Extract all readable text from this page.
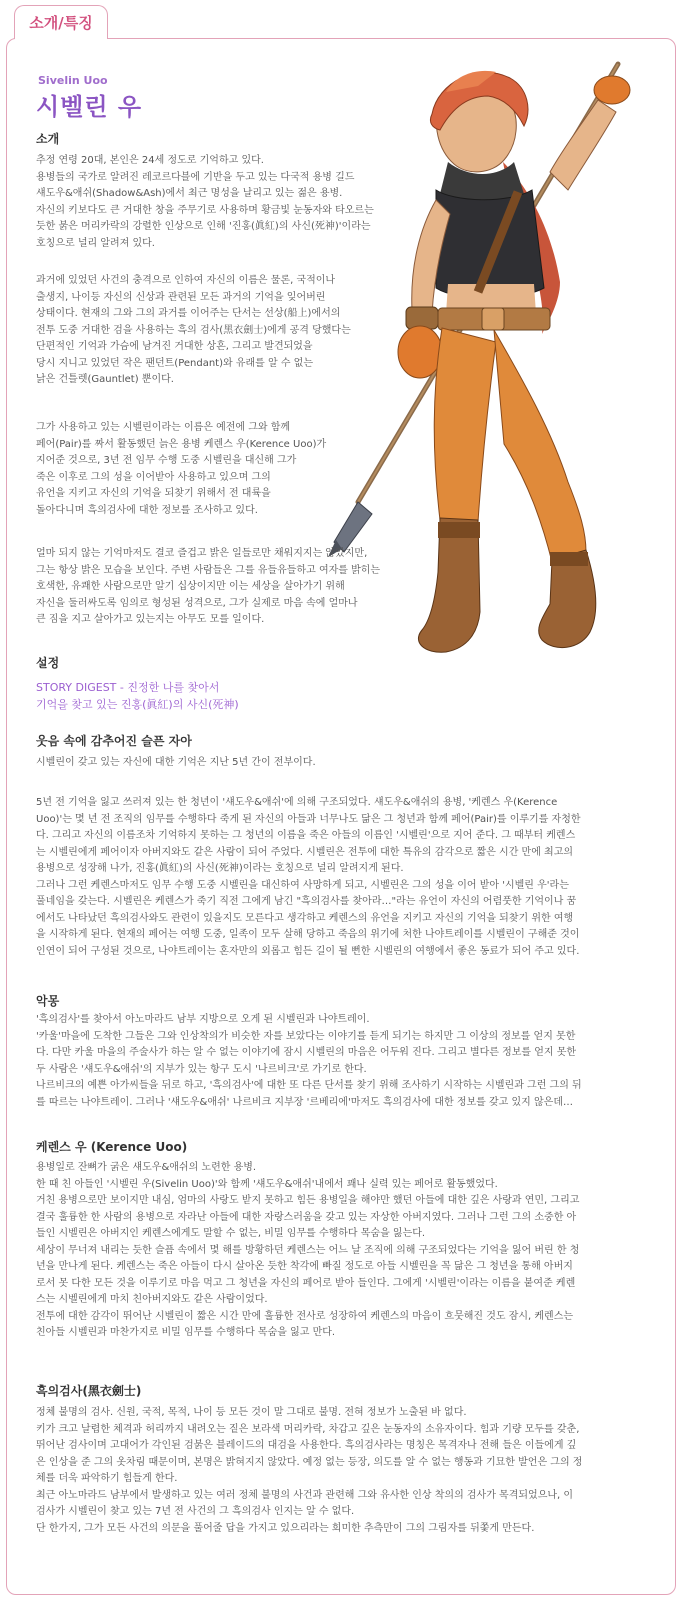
소개/특징
Sivelin Uoo
시벨린 우
소개

추정 연령 20대, 본인은 24세 정도로 기억하고 있다.
용병들의 국가로 알려진 레코르다블에 기반을 두고 있는 다국적 용병 길드
섀도우&애쉬(Shadow&Ash)에서 최근 명성을 날리고 있는 젊은 용병.
자신의 키보다도 큰 거대한 창을 주무기로 사용하며 황금빛 눈동자와 타오르는
듯한 붉은 머리카락의 강렬한 인상으로 인해 '진홍(眞紅)의 사신(死神)'이라는
호칭으로 널리 알려져 있다.

과거에 있었던 사건의 충격으로 인하여 자신의 이름은 물론, 국적이나
출생지, 나이등 자신의 신상과 관련된 모든 과거의 기억을 잊어버린
상태이다. 현재의 그와 그의 과거를 이어주는 단서는 선상(船上)에서의
전투 도중 거대한 검을 사용하는 흑의 검사(黑衣劍士)에게 공격 당했다는
단편적인 기억과 가슴에 남겨진 거대한 상흔, 그리고 발견되었을
당시 지니고 있었던 작은 팬던트(Pendant)와 유래를 알 수 없는
낡은 건틀렛(Gauntlet) 뿐이다.

그가 사용하고 있는 시벨린이라는 이름은 예전에 그와 함께
페어(Pair)를 짜서 활동했던 늙은 용병 케렌스 우(Kerence Uoo)가
지어준 것으로, 3년 전 임무 수행 도중 시벨린을 대신해 그가
죽은 이후로 그의 성을 이어받아 사용하고 있으며 그의
유언을 지키고 자신의 기억을 되찾기 위해서 전 대륙을
돌아다니며 흑의검사에 대한 정보를 조사하고 있다.

얼마 되지 않는 기억마저도 결코 즐겁고 밝은 일들로만 채워지지는 않았지만,
그는 항상 밝은 모습을 보인다. 주변 사람들은 그를 유들유들하고 여자를 밝히는
호색한, 유쾌한 사람으로만 알기 십상이지만 이는 세상을 살아가기 위해
자신을 둘러싸도록 임의로 형성된 성격으로, 그가 실제로 마음 속에 얼마나
큰 짐을 지고 살아가고 있는지는 아무도 모를 일이다.

설정
STORY DIGEST - 진정한 나를 찾아서
기억을 찾고 있는 진홍(眞紅)의 사신(死神)
웃음 속에 감추어진 슬픈 자아

시벨린이 갖고 있는 자신에 대한 기억은 지난 5년 간이 전부이다.

5년 전 기억을 잃고 쓰러져 있는 한 청년이 '섀도우&애쉬'에 의해 구조되었다. 섀도우&애쉬의 용병, '케렌스 우(Kerence
Uoo)'는 몇 년 전 조직의 임무를 수행하다 죽게 된 자신의 아들과 너무나도 닮은 그 청년과 함께 페어(Pair)를 이루기를 자청한
다. 그리고 자신의 이름조차 기억하지 못하는 그 청년의 이름을 죽은 아들의 이름인 '시벨린'으로 지어 준다. 그 때부터 케렌스
는 시벨린에게 페어이자 아버지와도 같은 사람이 되어 주었다. 시벨린은 전투에 대한 특유의 감각으로 짧은 시간 만에 최고의
용병으로 성장해 나가, 진홍(眞紅)의 사신(死神)이라는 호칭으로 널리 알려지게 된다.
그러나 그런 케렌스마저도 임무 수행 도중 시벨린을 대신하여 사망하게 되고, 시벨린은 그의 성을 이어 받아 '시벨린 우'라는
풀네임을 갖는다. 시벨린은 케렌스가 죽기 직전 그에게 남긴 "흑의검사를 찾아라…"라는 유언이 자신의 어렴풋한 기억이나 꿈
에서도 나타났던 흑의검사와도 관련이 있을지도 모른다고 생각하고 케렌스의 유언을 지키고 자신의 기억을 되찾기 위한 여행
을 시작하게 된다. 현재의 페어는 여행 도중, 일족이 모두 살해 당하고 죽음의 위기에 처한 나야트레이를 시벨린이 구해준 것이
인연이 되어 구성된 것으로, 나야트레이는 혼자만의 외롭고 힘든 길이 될 뻔한 시벨린의 여행에서 좋은 동료가 되어 주고 있다.

악몽

'흑의검사'를 찾아서 아노마라드 남부 지방으로 오게 된 시벨린과 나야트레이.
'카울'마을에 도착한 그들은 그와 인상착의가 비슷한 자를 보았다는 이야기를 듣게 되기는 하지만 그 이상의 정보를 얻지 못한
다. 다만 카울 마을의 주술사가 하는 알 수 없는 이야기에 잠시 시벨린의 마음은 어두워 진다. 그리고 별다른 정보를 얻지 못한
두 사람은 '섀도우&애쉬'의 지부가 있는 항구 도시 '나르비크'로 가기로 한다.
나르비크의 예쁜 아가씨들을 뒤로 하고, '흑의검사'에 대한 또 다른 단서를 찾기 위해 조사하기 시작하는 시벨린과 그런 그의 뒤
를 따르는 나야트레이. 그러나 '섀도우&애쉬' 나르비크 지부장 '르베리에'마저도 흑의검사에 대한 정보를 갖고 있지 않은데…

케렌스 우 (Kerence Uoo)

용병일로 잔뼈가 굵은 섀도우&애쉬의 노련한 용병.
한 때 친 아들인 '시벨린 우(Sivelin Uoo)'와 함께 '섀도우&애쉬'내에서 꽤나 실력 있는 페어로 활동했었다.
거친 용병으로만 보이지만 내심, 엄마의 사랑도 받지 못하고 힘든 용병일을 해야만 했던 아들에 대한 깊은 사랑과 연민, 그리고
결국 훌륭한 한 사람의 용병으로 자라난 아들에 대한 자랑스러움을 갖고 있는 자상한 아버지였다. 그러나 그런 그의 소중한 아
들인 시벨린은 아버지인 케렌스에게도 말할 수 없는, 비밀 임무를 수행하다 목숨을 잃는다.
세상이 무너져 내리는 듯한 슬픔 속에서 몇 해를 방황하던 케렌스는 어느 날 조직에 의해 구조되었다는 기억을 잃어 버린 한 청
년을 만나게 된다. 케렌스는 죽은 아들이 다시 살아온 듯한 착각에 빠질 정도로 아들 시벨린을 꼭 닮은 그 청년을 통해 아버지
로서 못 다한 모든 것을 이루기로 마음 먹고 그 청년을 자신의 페어로 받아 들인다. 그에게 '시벨린'이라는 이름을 붙여준 케렌
스는 시벨린에게 마치 친아버지와도 같은 사람이었다.
전투에 대한 감각이 뛰어난 시벨린이 짧은 시간 만에 훌륭한 전사로 성장하여 케렌스의 마음이 흐뭇해진 것도 잠시, 케렌스는
친아들 시벨린과 마찬가지로 비밀 임무를 수행하다 목숨을 잃고 만다.

흑의검사(黑衣劍士)

정체 불명의 검사. 신원, 국적, 목적, 나이 등 모든 것이 말 그대로 불명. 전혀 정보가 노출된 바 없다.
키가 크고 날렵한 체격과 허리까지 내려오는 짙은 보라색 머리카락, 차갑고 깊은 눈동자의 소유자이다. 힘과 기량 모두를 갖춘,
뛰어난 검사이며 고대어가 각인된 검붉은 블레이드의 대검을 사용한다. 흑의검사라는 명칭은 목격자나 전해 들은 이들에게 깊
은 인상을 준 그의 옷차림 때문이며, 본명은 밝혀지지 않았다. 예정 없는 등장, 의도를 알 수 없는 행동과 기묘한 발언은 그의 정
체를 더욱 파악하기 힘들게 한다.
최근 아노마라드 남부에서 발생하고 있는 여러 정체 불명의 사건과 관련해 그와 유사한 인상 착의의 검사가 목격되었으나, 이
검사가 시벨린이 찾고 있는 7년 전 사건의 그 흑의검사 인지는 알 수 없다.
단 한가지, 그가 모든 사건의 의문을 풀어줄 답을 가지고 있으리라는 희미한 추측만이 그의 그림자를 뒤쫓게 만든다.
